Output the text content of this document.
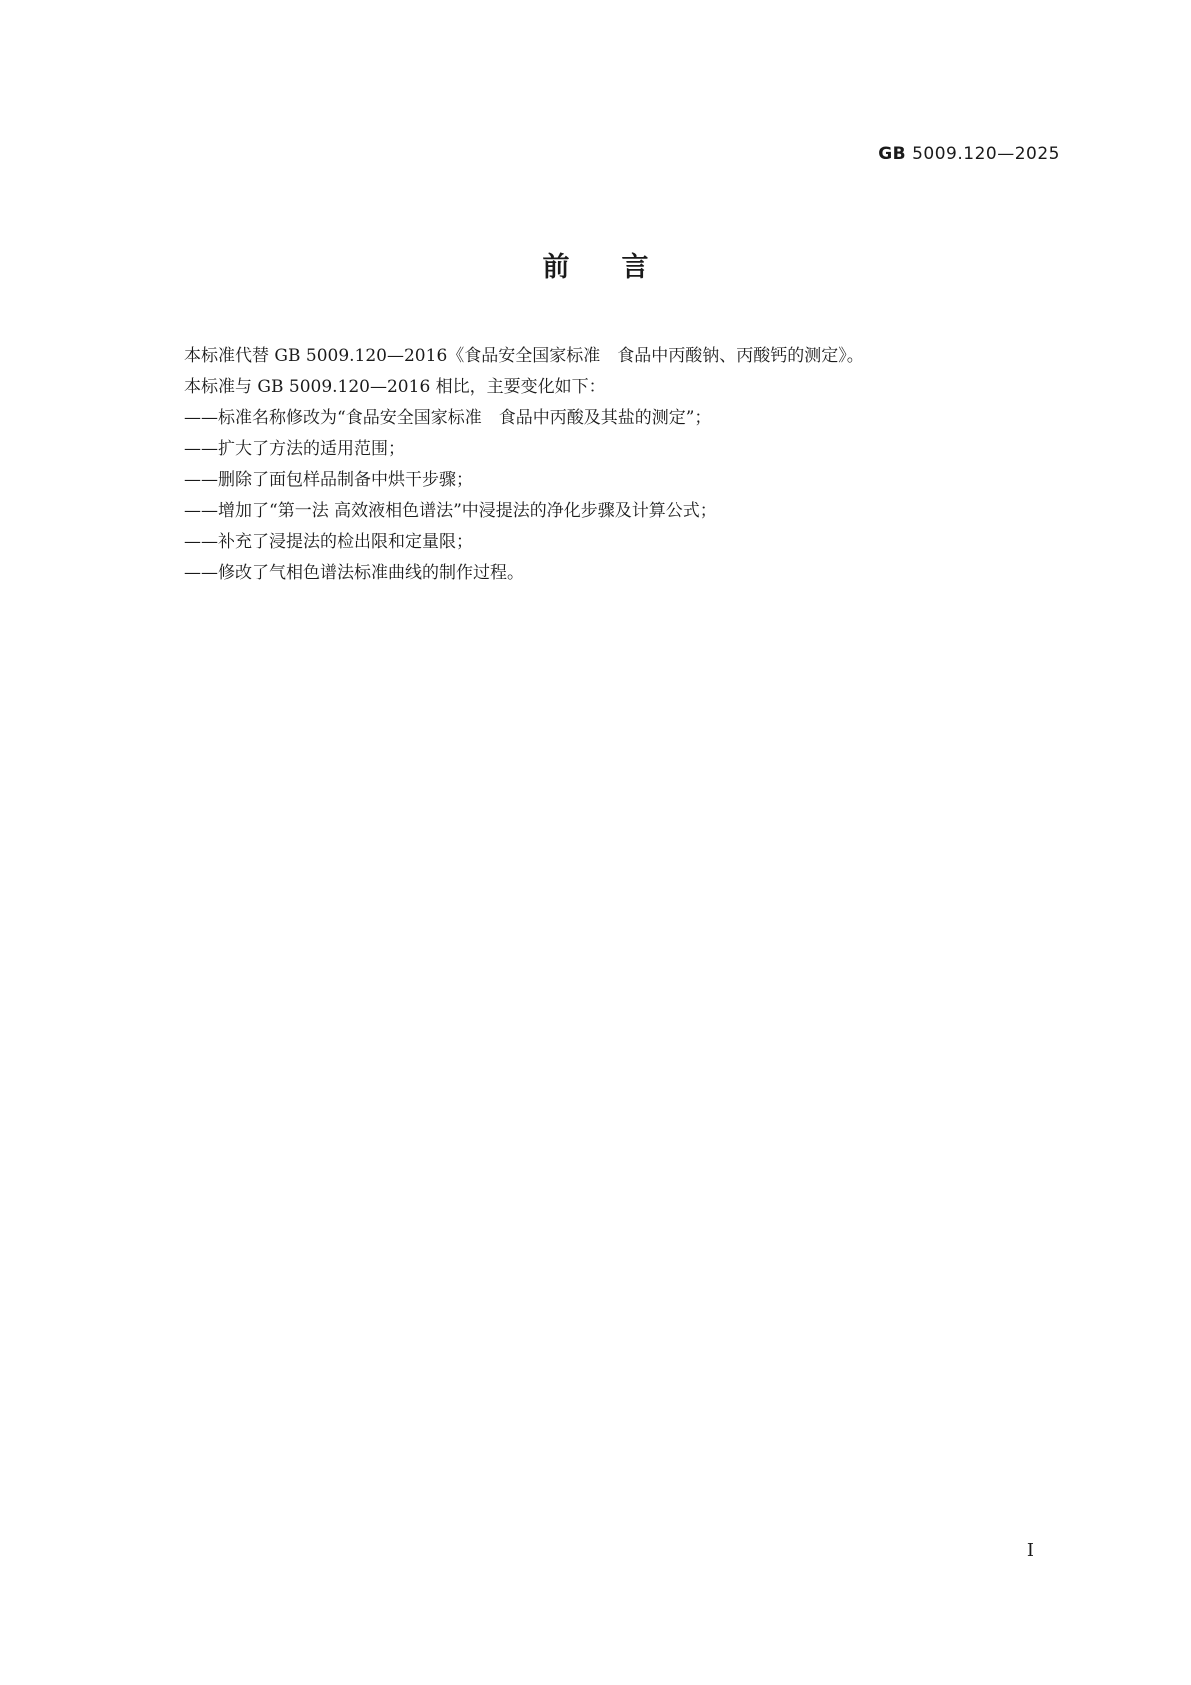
GB 5009.120—2025
前言
本标准代替 GB 5009.120—2016《食品安全国家标准　食品中丙酸钠、丙酸钙的测定》。
本标准与 GB 5009.120—2016 相比，主要变化如下：
——标准名称修改为“食品安全国家标准　食品中丙酸及其盐的测定”；
——扩大了方法的适用范围；
——删除了面包样品制备中烘干步骤；
——增加了“第一法 高效液相色谱法”中浸提法的净化步骤及计算公式；
——补充了浸提法的检出限和定量限；
——修改了气相色谱法标准曲线的制作过程。
I
